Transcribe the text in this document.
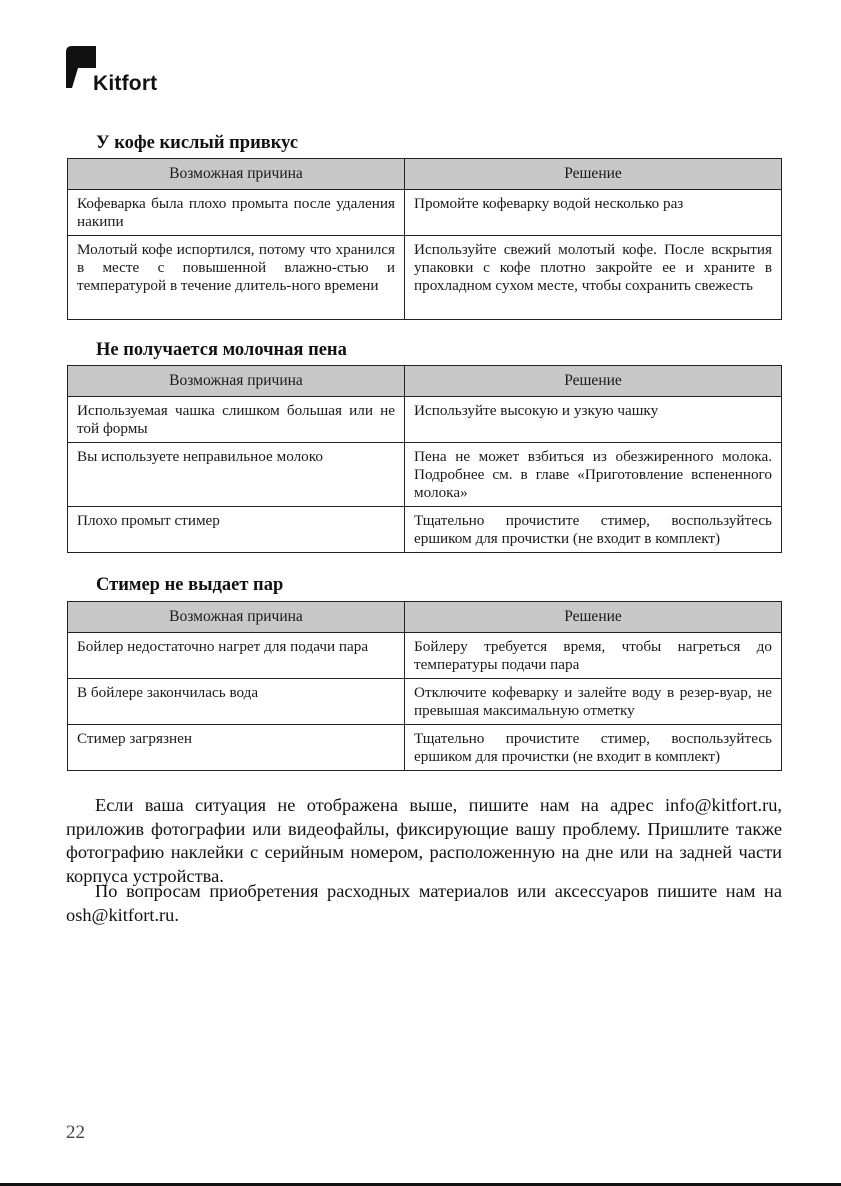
Kitfort
У кофе кислый привкус
Возможная причина	Решение
Кофеварка была плохо промыта после удаления накипи	Промойте кофеварку водой несколько раз
Молотый кофе испортился, потому что хранился в месте с повышенной влажно-стью и температурой в течение длитель-ного времени	Используйте свежий молотый кофе. После вскрытия упаковки с кофе плотно закройте ее и храните в прохладном сухом месте, чтобы сохранить свежесть
Не получается молочная пена
Возможная причина	Решение
Используемая чашка слишком большая или не той формы	Используйте высокую и узкую чашку
Вы используете неправильное молоко	Пена не может взбиться из обезжиренного молока. Подробнее см. в главе «Приготовление вспененного молока»
Плохо промыт стимер	Тщательно прочистите стимер, воспользуйтесь ершиком для прочистки (не входит в комплект)
Стимер не выдает пар
Возможная причина	Решение
Бойлер недостаточно нагрет для подачи пара	Бойлеру требуется время, чтобы нагреться до температуры подачи пара
В бойлере закончилась вода	Отключите кофеварку и залейте воду в резер-вуар, не превышая максимальную отметку
Стимер загрязнен	Тщательно прочистите стимер, воспользуйтесь ершиком для прочистки (не входит в комплект)

Если ваша ситуация не отображена выше, пишите нам на адрес info@kitfort.ru, приложив фотографии или видеофайлы, фиксирующие вашу проблему. Пришлите также фотографию наклейки с серийным номером, расположенную на дне или на задней части корпуса устройства.

По вопросам приобретения расходных материалов или аксессуаров пишите нам на osh@kitfort.ru.

22
